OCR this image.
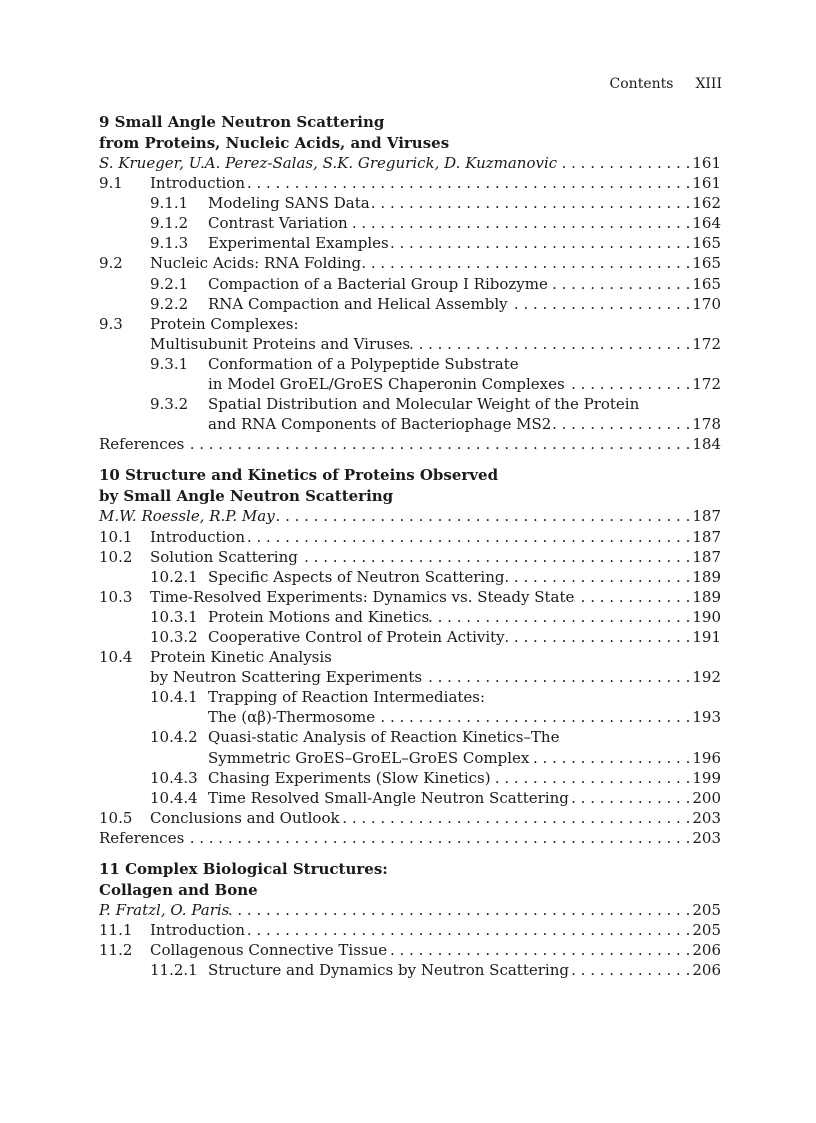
Contents XIII
9 Small Angle Neutron Scattering
from Proteins, Nucleic Acids, and Viruses
S. Krueger, U.A. Perez-Salas, S.K. Gregurick, D. Kuzmanovic . . .	161
9.1	Introduction . . .	161
9.1.1	Modeling SANS Data . . .	162
9.1.2	Contrast Variation . . .	164
9.1.3	Experimental Examples . . .	165
9.2	Nucleic Acids: RNA Folding . . .	165
9.2.1	Compaction of a Bacterial Group I Ribozyme . . .	165
9.2.2	RNA Compaction and Helical Assembly . . .	170
9.3	Protein Complexes:
Multisubunit Proteins and Viruses . . .	172
9.3.1	Conformation of a Polypeptide Substrate
in Model GroEL/GroES Chaperonin Complexes . . .	172
9.3.2	Spatial Distribution and Molecular Weight of the Protein
and RNA Components of Bacteriophage MS2 . . .	178
References . . .	184
10 Structure and Kinetics of Proteins Observed
by Small Angle Neutron Scattering
M.W. Roessle, R.P. May . . .	187
10.1	Introduction . . .	187
10.2	Solution Scattering . . .	187
10.2.1 Specific Aspects of Neutron Scattering . . .	189
10.3	Time-Resolved Experiments: Dynamics vs. Steady State . . .	189
10.3.1 Protein Motions and Kinetics . . .	190
10.3.2 Cooperative Control of Protein Activity . . .	191
10.4	Protein Kinetic Analysis
by Neutron Scattering Experiments . . .	192
10.4.1 Trapping of Reaction Intermediates:
The (αβ)-Thermosome . . .	193
10.4.2 Quasi-static Analysis of Reaction Kinetics–The
Symmetric GroES–GroEL–GroES Complex . . .	196
10.4.3 Chasing Experiments (Slow Kinetics) . . .	199
10.4.4 Time Resolved Small-Angle Neutron Scattering . . .	200
10.5	Conclusions and Outlook . . .	203
References . . .	203
11 Complex Biological Structures:
Collagen and Bone
P. Fratzl, O. Paris . . .	205
11.1	Introduction . . .	205
11.2	Collagenous Connective Tissue . . .	206
11.2.1 Structure and Dynamics by Neutron Scattering . . .	206
